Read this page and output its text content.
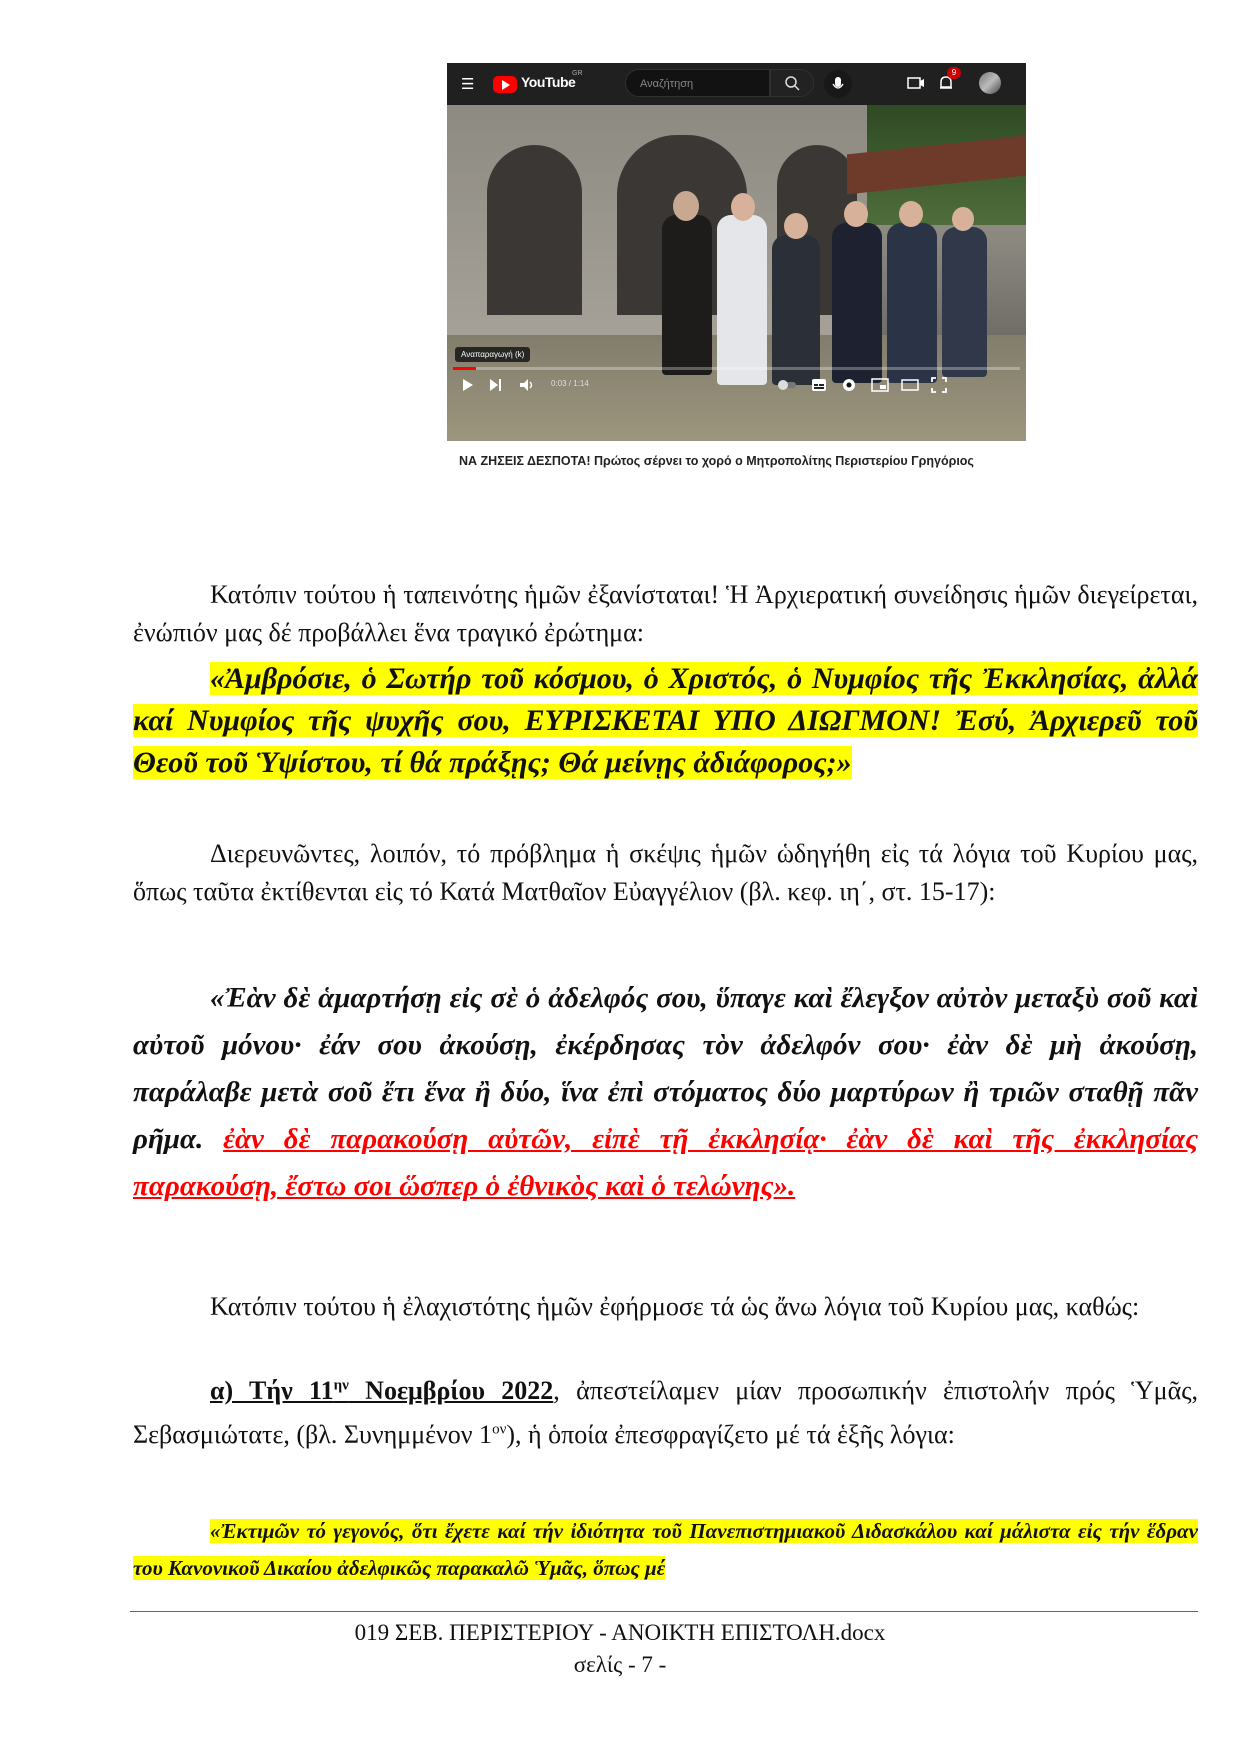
☰	YouTube
GR
Αναζήτηση
9
Αναπαραγωγή (k)
0:03 / 1:14
ΝΑ ΖΗΣΕΙΣ ΔΕΣΠΟΤΑ! Πρώτος σέρνει το χορό ο Μητροπολίτης Περιστερίου Γρηγόριος

Κατόπιν τούτου ἡ ταπεινότης ἡμῶν ἐξανίσταται! Ἡ Ἀρχιερατική συνείδησις ἡμῶν διεγείρεται, ἐνώπιόν μας δέ προβάλλει ἕνα τραγικό ἐρώτημα:

«Ἀμβρόσιε, ὁ Σωτήρ τοῦ κόσμου, ὁ Χριστός, ὁ Νυμφίος τῆς Ἐκκλησίας, ἀλλά καί Νυμφίος τῆς ψυχῆς σου, ΕΥΡΙΣΚΕΤΑΙ ΥΠΟ ΔΙΩΓΜΟΝ! Ἐσύ, Ἀρχιερεῦ τοῦ Θεοῦ τοῦ Ὑψίστου, τί θά πράξῃς; Θά μείνῃς ἀδιάφορος;»

Διερευνῶντες, λοιπόν, τό πρόβλημα ἡ σκέψις ἡμῶν ὡδηγήθη εἰς τά λόγια τοῦ Κυρίου μας, ὅπως ταῦτα ἐκτίθενται εἰς τό Κατά Ματθαῖον Εὐαγγέλιον (βλ. κεφ. ιη΄, στ. 15-17):

«Ἐὰν δὲ ἁμαρτήσῃ εἰς σὲ ὁ ἀδελφός σου, ὕπαγε καὶ ἔλεγξον αὐτὸν μεταξὺ σοῦ καὶ αὐτοῦ μόνου· ἐάν σου ἀκούσῃ, ἐκέρδησας τὸν ἀδελφόν σου· ἐὰν δὲ μὴ ἀκούσῃ, παράλαβε μετὰ σοῦ ἔτι ἕνα ἢ δύο, ἵνα ἐπὶ στόματος δύο μαρτύρων ἢ τριῶν σταθῇ πᾶν ρῆμα. ἐὰν δὲ παρακούσῃ αὐτῶν, εἰπὲ τῇ ἐκκλησίᾳ· ἐὰν δὲ καὶ τῆς ἐκκλησίας παρακούσῃ, ἔστω σοι ὥσπερ ὁ ἐθνικὸς καὶ ὁ τελώνης».

Κατόπιν τούτου ἡ ἐλαχιστότης ἡμῶν ἐφήρμοσε τά ὡς ἄνω λόγια τοῦ Κυρίου μας, καθώς:

α) Τήν $11^{\eta\nu}$ Νοεμβρίου 2022, ἀπεστείλαμεν μίαν προσωπικήν ἐπιστολήν πρός Ὑμᾶς, Σεβασμιώτατε, (βλ. Συνημμένον $1^{o\nu}$), ἡ ὁποία ἐπεσφραγίζετο μέ τά ἑξῆς λόγια:

«Ἐκτιμῶν τό γεγονός, ὅτι ἔχετε καί τήν ἰδιότητα τοῦ Πανεπιστημιακοῦ Διδασκάλου καί μάλιστα εἰς τήν ἕδραν του Κανονικοῦ Δικαίου ἀδελφικῶς παρακαλῶ Ὑμᾶς, ὅπως μέ

019 ΣΕΒ. ΠΕΡΙΣΤΕΡΙΟΥ - ΑΝΟΙΚΤΗ ΕΠΙΣΤΟΛΗ.docx
σελίς - 7 -
